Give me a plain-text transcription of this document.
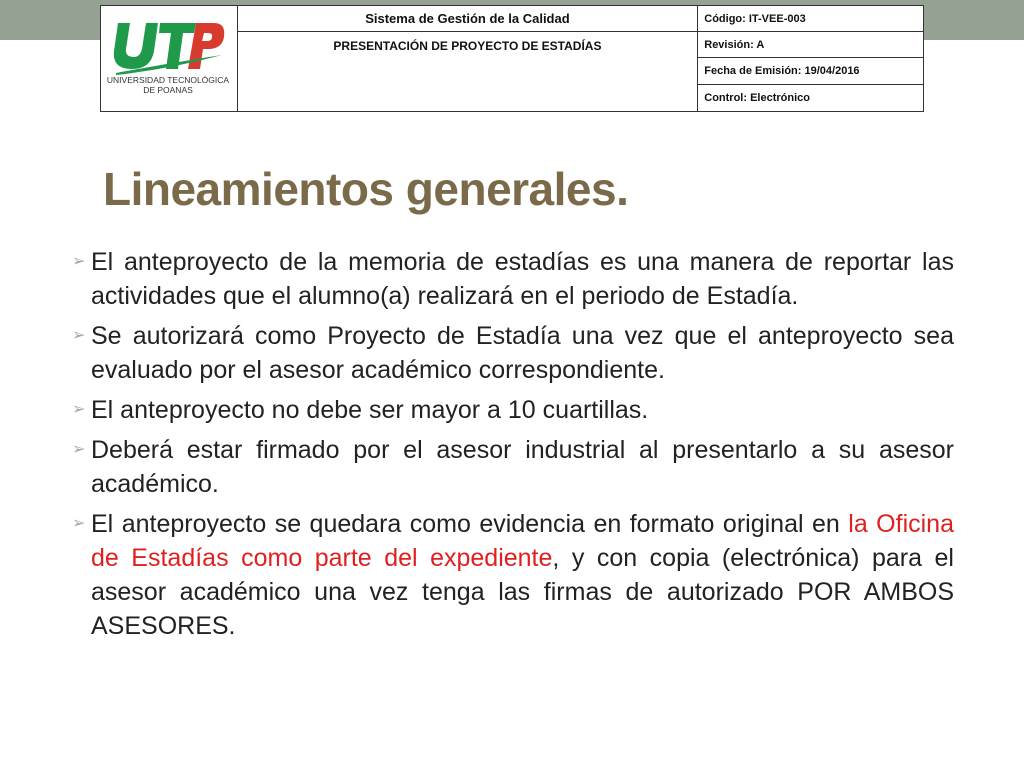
UNIVERSIDAD TECNOLÓGICA
DE POANAS	Sistema de Gestión de la Calidad	Código: IT-VEE-003
	PRESENTACIÓN DE PROYECTO DE ESTADÍAS	Revisión: A
		Fecha de Emisión: 19/04/2016
		Control: Electrónico
Lineamientos generales.
➢ El anteproyecto de la memoria de estadías es una manera de reportar las actividades que el alumno(a) realizará en el periodo de Estadía.
➢ Se autorizará como Proyecto de Estadía una vez que el anteproyecto sea evaluado por el asesor académico correspondiente.
➢ El anteproyecto no debe ser mayor a 10 cuartillas.
➢ Deberá estar firmado por el asesor industrial al presentarlo a su asesor académico.
➢ El anteproyecto se quedara como evidencia en formato original en la Oficina de Estadías como parte del expediente, y con copia (electrónica) para el asesor académico una vez tenga las firmas de autorizado POR AMBOS ASESORES.
